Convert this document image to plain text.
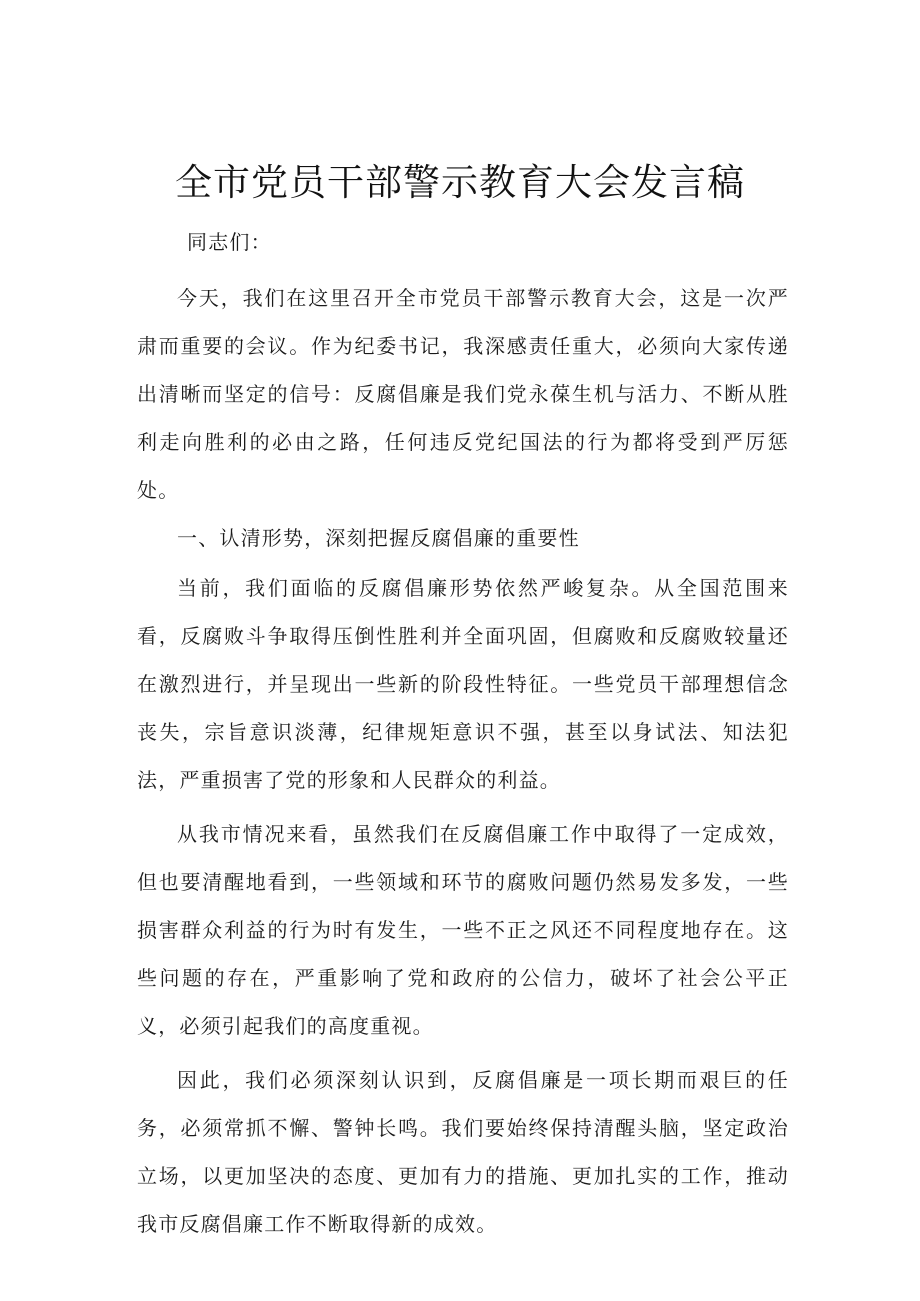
全市党员干部警示教育大会发言稿

同志们：

今天，我们在这里召开全市党员干部警示教育大会，这是一次严肃而重要的会议。作为纪委书记，我深感责任重大，必须向大家传递出清晰而坚定的信号：反腐倡廉是我们党永葆生机与活力、不断从胜利走向胜利的必由之路，任何违反党纪国法的行为都将受到严厉惩处。

一、认清形势，深刻把握反腐倡廉的重要性

当前，我们面临的反腐倡廉形势依然严峻复杂。从全国范围来看，反腐败斗争取得压倒性胜利并全面巩固，但腐败和反腐败较量还在激烈进行，并呈现出一些新的阶段性特征。一些党员干部理想信念丧失，宗旨意识淡薄，纪律规矩意识不强，甚至以身试法、知法犯法，严重损害了党的形象和人民群众的利益。

从我市情况来看，虽然我们在反腐倡廉工作中取得了一定成效，但也要清醒地看到，一些领域和环节的腐败问题仍然易发多发，一些损害群众利益的行为时有发生，一些不正之风还不同程度地存在。这些问题的存在，严重影响了党和政府的公信力，破坏了社会公平正义，必须引起我们的高度重视。

因此，我们必须深刻认识到，反腐倡廉是一项长期而艰巨的任务，必须常抓不懈、警钟长鸣。我们要始终保持清醒头脑，坚定政治立场，以更加坚决的态度、更加有力的措施、更加扎实的工作，推动我市反腐倡廉工作不断取得新的成效。
